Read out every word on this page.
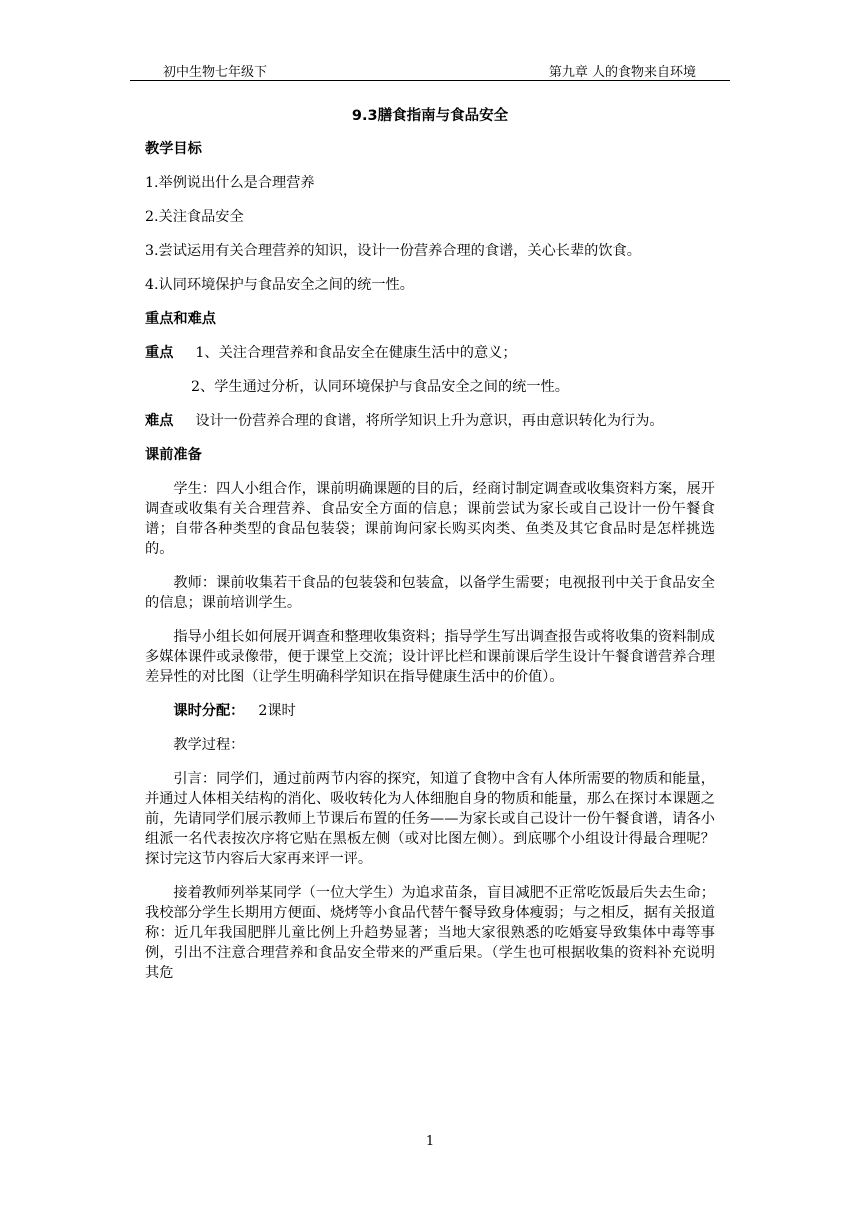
初中生物七年级下	第九章 人的食物来自环境
9.3膳食指南与食品安全
教学目标
1.举例说出什么是合理营养
2.关注食品安全
3.尝试运用有关合理营养的知识，设计一份营养合理的食谱，关心长辈的饮食。
4.认同环境保护与食品安全之间的统一性。
重点和难点
重点 1、关注合理营养和食品安全在健康生活中的意义；
2、学生通过分析，认同环境保护与食品安全之间的统一性。
难点 设计一份营养合理的食谱，将所学知识上升为意识，再由意识转化为行为。
课前准备
学生：四人小组合作，课前明确课题的目的后，经商讨制定调查或收集资料方案，展开调查或收集有关合理营养、食品安全方面的信息；课前尝试为家长或自己设计一份午餐食谱；自带各种类型的食品包装袋；课前询问家长购买肉类、鱼类及其它食品时是怎样挑选的。
教师：课前收集若干食品的包装袋和包装盒，以备学生需要；电视报刊中关于食品安全的信息；课前培训学生。
指导小组长如何展开调查和整理收集资料；指导学生写出调查报告或将收集的资料制成多媒体课件或录像带，便于课堂上交流；设计评比栏和课前课后学生设计午餐食谱营养合理差异性的对比图（让学生明确科学知识在指导健康生活中的价值）。
课时分配： 2课时
教学过程：
引言：同学们，通过前两节内容的探究，知道了食物中含有人体所需要的物质和能量，并通过人体相关结构的消化、吸收转化为人体细胞自身的物质和能量，那么在探讨本课题之前，先请同学们展示教师上节课后布置的任务——为家长或自己设计一份午餐食谱，请各小组派一名代表按次序将它贴在黑板左侧（或对比图左侧）。到底哪个小组设计得最合理呢？探讨完这节内容后大家再来评一评。
接着教师列举某同学（一位大学生）为追求苗条，盲目减肥不正常吃饭最后失去生命；我校部分学生长期用方便面、烧烤等小食品代替午餐导致身体瘦弱；与之相反，据有关报道称：近几年我国肥胖儿童比例上升趋势显著；当地大家很熟悉的吃婚宴导致集体中毒等事例，引出不注意合理营养和食品安全带来的严重后果。（学生也可根据收集的资料补充说明其危
1
